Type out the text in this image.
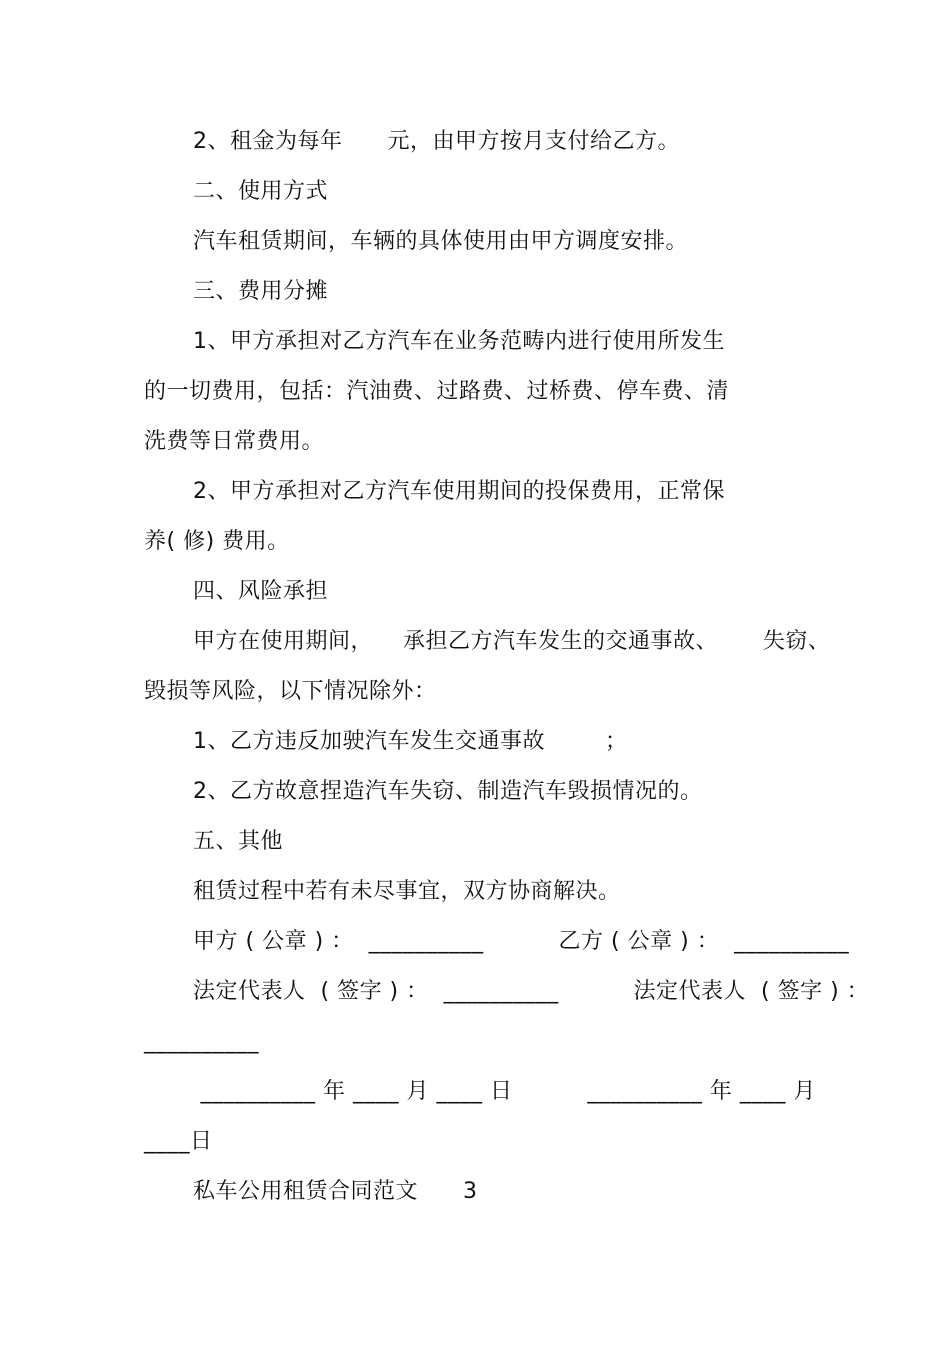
2、租金为每年      元，由甲方按月支付给乙方。
二、使用方式
汽车租赁期间，车辆的具体使用由甲方调度安排。
三、费用分摊
1、甲方承担对乙方汽车在业务范畴内进行使用所发生
的一切费用，包括：汽油费、过路费、过桥费、停车费、清
洗费等日常费用。
2、甲方承担对乙方汽车使用期间的投保费用，正常保
养( 修) 费用。
四、风险承担
甲方在使用期间，    承担乙方汽车发生的交通事故、      失窃、
毁损等风险，以下情况除外：
1、乙方违反加驶汽车发生交通事故        ；
2、乙方故意捏造汽车失窃、制造汽车毁损情况的。
五、其他
租赁过程中若有未尽事宜，双方协商解决。
甲方 ( 公章 ) ：  __________          乙方 ( 公章 ) ：  __________
法定代表人  ( 签字 ) ：  __________          法定代表人  ( 签字 ) ：
__________
__________ 年 ____ 月 ____ 日          __________ 年 ____ 月
____日
私车公用租赁合同范文      3
